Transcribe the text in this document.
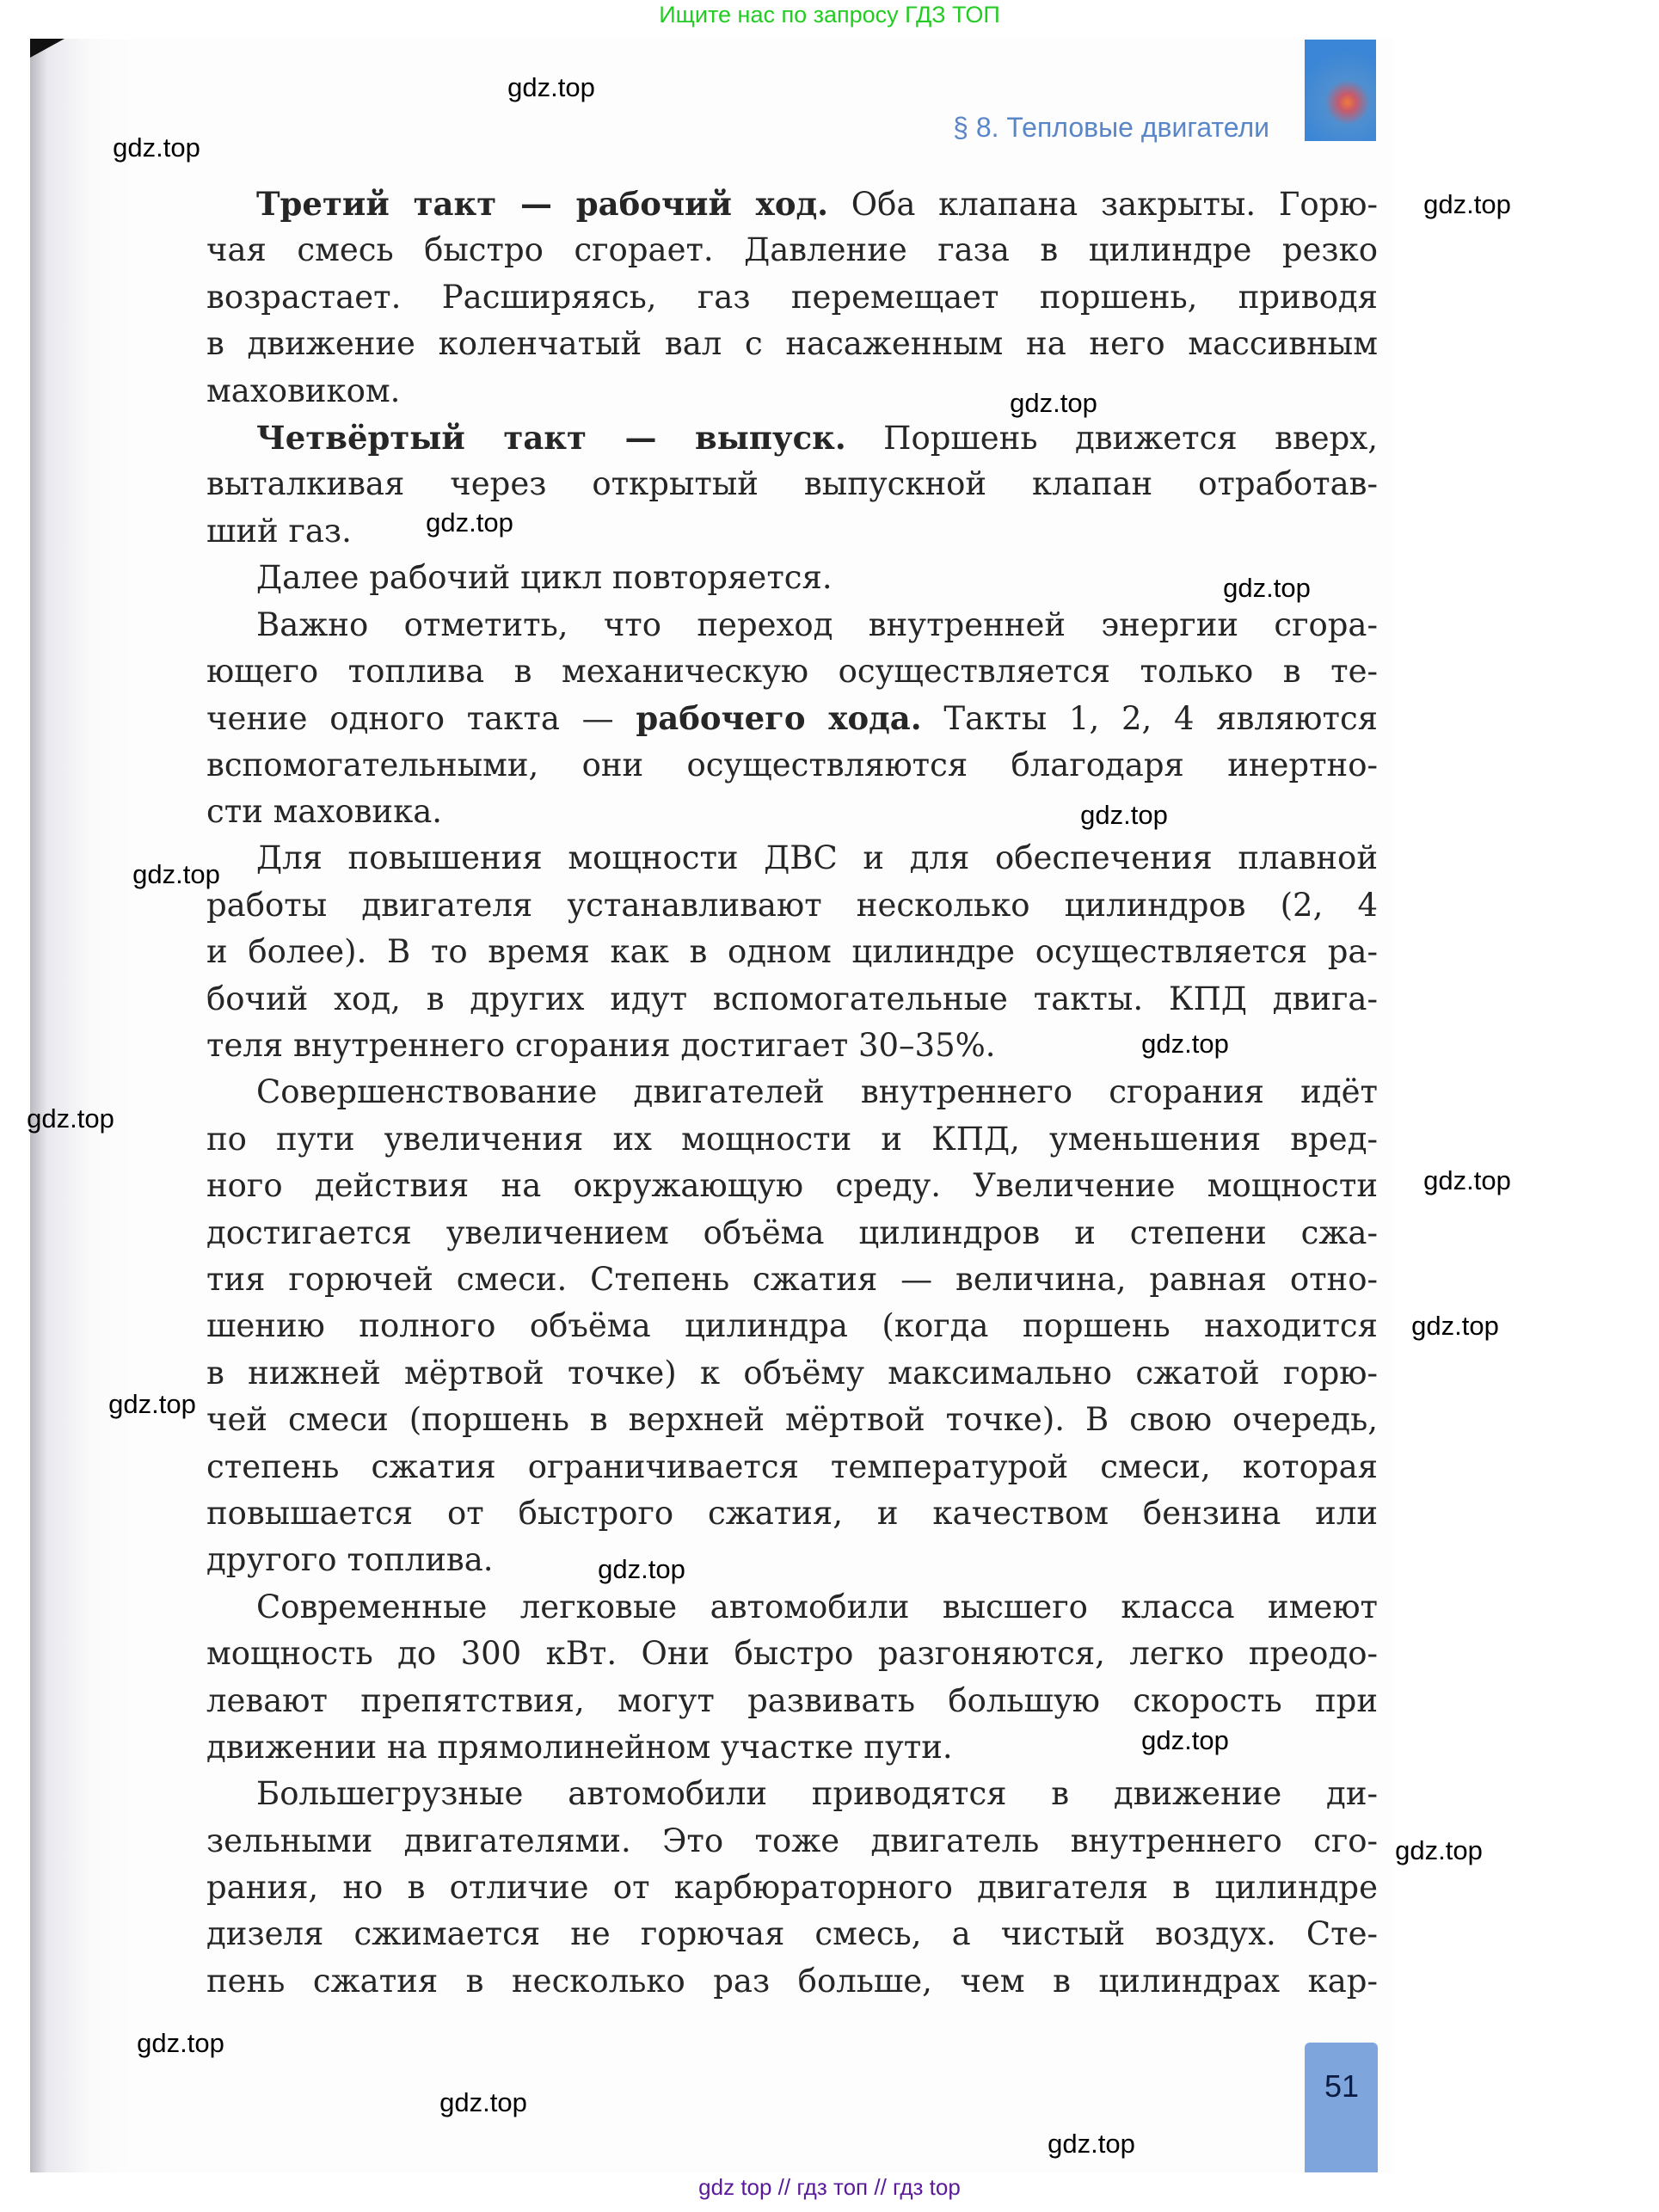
Ищите нас по запросу ГДЗ ТОП
§ 8. Тепловые двигатели
Третий такт — рабочий ход. Оба клапана закрыты. Горю-
чая смесь быстро сгорает. Давление газа в цилиндре резко
возрастает. Расширяясь, газ перемещает поршень, приводя
в движение коленчатый вал с насаженным на него массивным
маховиком.
Четвёртый такт — выпуск. Поршень движется вверх,
выталкивая через открытый выпускной клапан отработав-
ший газ.
Далее рабочий цикл повторяется.
Важно отметить, что переход внутренней энергии сгора-
ющего топлива в механическую осуществляется только в те-
чение одного такта — рабочего хода. Такты 1, 2, 4 являются
вспомогательными, они осуществляются благодаря инертно-
сти маховика.
Для повышения мощности ДВС и для обеспечения плавной
работы двигателя устанавливают несколько цилиндров (2, 4
и более). В то время как в одном цилиндре осуществляется ра-
бочий ход, в других идут вспомогательные такты. КПД двига-
теля внутреннего сгорания достигает 30–35%.
Совершенствование двигателей внутреннего сгорания идёт
по пути увеличения их мощности и КПД, уменьшения вред-
ного действия на окружающую среду. Увеличение мощности
достигается увеличением объёма цилиндров и степени сжа-
тия горючей смеси. Степень сжатия — величина, равная отно-
шению полного объёма цилиндра (когда поршень находится
в нижней мёртвой точке) к объёму максимально сжатой горю-
чей смеси (поршень в верхней мёртвой точке). В свою очередь,
степень сжатия ограничивается температурой смеси, которая
повышается от быстрого сжатия, и качеством бензина или
другого топлива.
Современные легковые автомобили высшего класса имеют
мощность до 300 кВт. Они быстро разгоняются, легко преодо-
левают препятствия, могут развивать большую скорость при
движении на прямолинейном участке пути.
Большегрузные автомобили приводятся в движение ди-
зельными двигателями. Это тоже двигатель внутреннего сго-
рания, но в отличие от карбюраторного двигателя в цилиндре
дизеля сжимается не горючая смесь, а чистый воздух. Сте-
пень сжатия в несколько раз больше, чем в цилиндрах кар-
51
gdz.top
gdz.top
gdz.top
gdz.top
gdz.top
gdz.top
gdz.top
gdz.top
gdz.top
gdz.top
gdz.top
gdz.top
gdz.top
gdz.top
gdz.top
gdz.top
gdz.top
gdz.top
gdz.top
gdz top // гдз топ // гдз top
